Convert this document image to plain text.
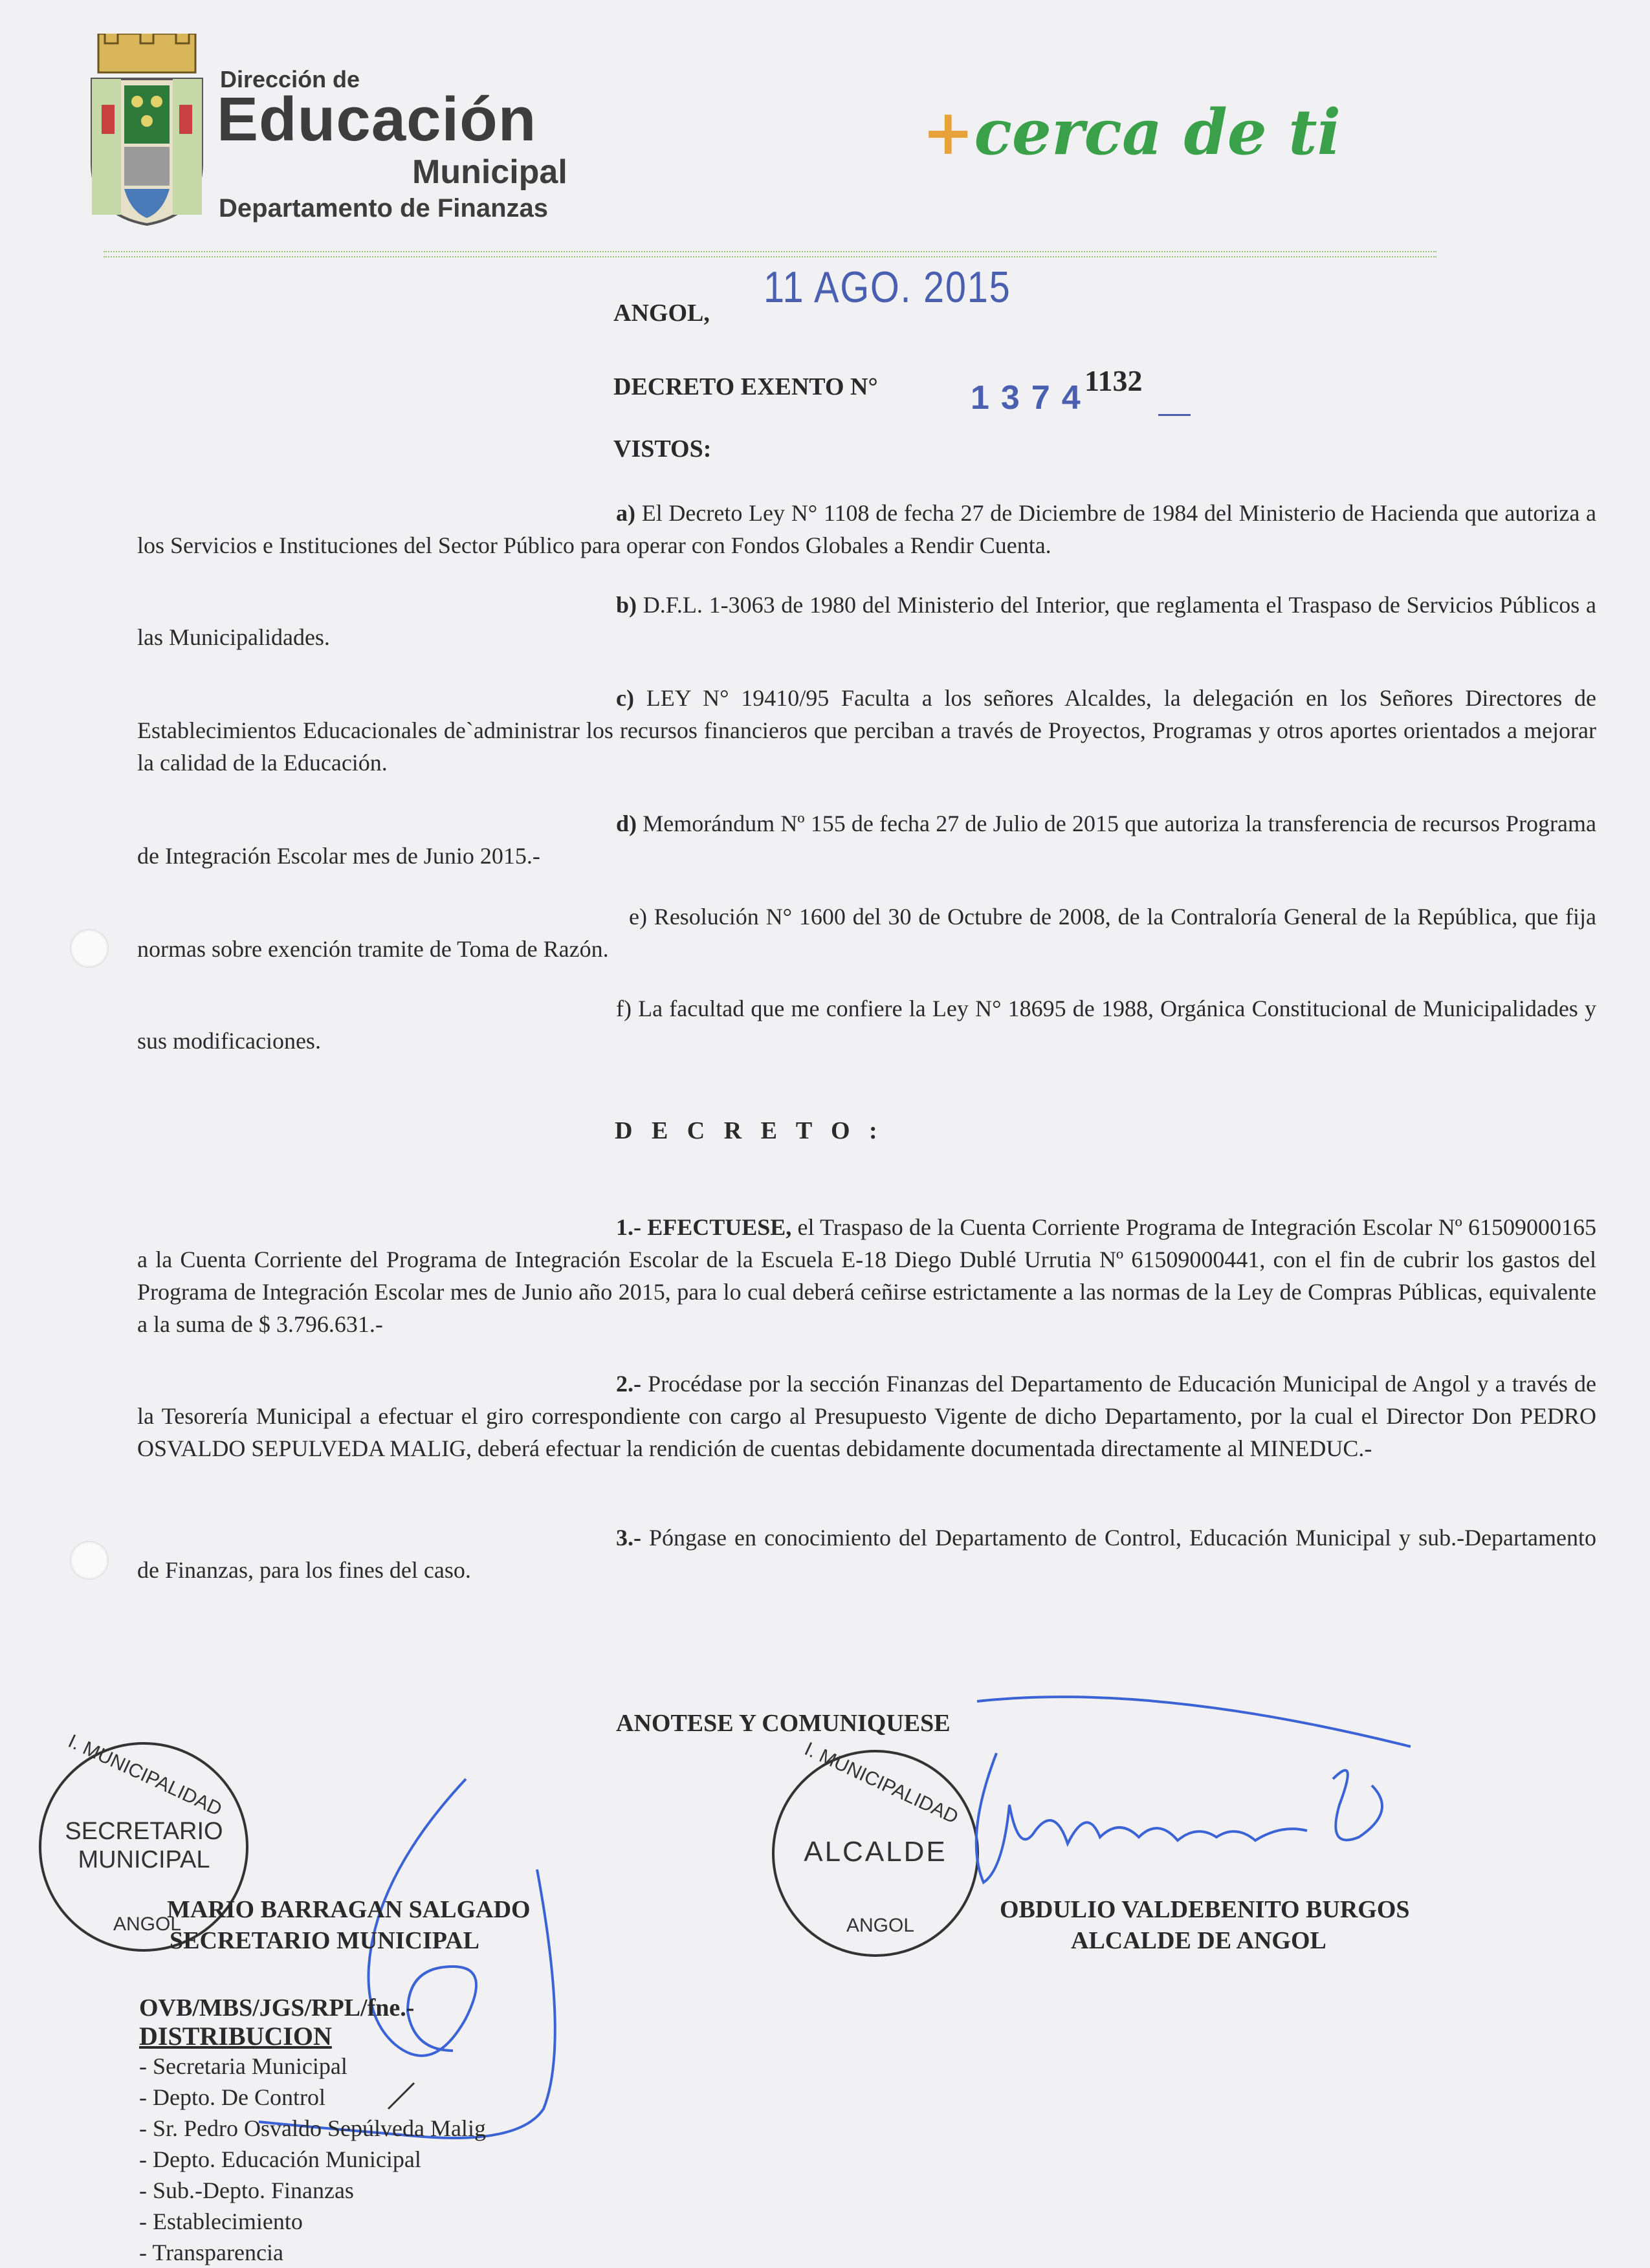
Dirección de
Educación
Municipal
Departamento de Finanzas
+cerca de ti
ANGOL,
11 AGO. 2015
DECRETO EXENTO N°	1374
1132
VISTOS:
a) El Decreto Ley N° 1108 de fecha 27 de Diciembre de 1984 del Ministerio de Hacienda que autoriza a los Servicios e Instituciones del Sector Público para operar con Fondos Globales a Rendir Cuenta.
b) D.F.L. 1-3063 de 1980 del Ministerio del Interior, que reglamenta el Traspaso de Servicios Públicos a las Municipalidades.
c) LEY N° 19410/95 Faculta a los señores Alcaldes, la delegación en los Señores Directores de Establecimientos Educacionales de`administrar los recursos financieros que perciban a través de Proyectos, Programas y otros aportes orientados a mejorar la calidad de la Educación.
d) Memorándum Nº 155 de fecha 27 de Julio de 2015 que autoriza la transferencia de recursos Programa de Integración Escolar mes de Junio 2015.-
e) Resolución N° 1600 del 30 de Octubre de 2008, de la Contraloría General de la República, que fija normas sobre exención tramite de Toma de Razón.
f) La facultad que me confiere la Ley N° 18695 de 1988, Orgánica Constitucional de Municipalidades y sus modificaciones.
D E C R E T O :
1.- EFECTUESE, el Traspaso de la Cuenta Corriente Programa de Integración Escolar Nº 61509000165 a la Cuenta Corriente del Programa de Integración Escolar de la Escuela E-18 Diego Dublé Urrutia Nº 61509000441, con el fin de cubrir los gastos del Programa de Integración Escolar mes de Junio año 2015, para lo cual deberá ceñirse estrictamente a las normas de la Ley de Compras Públicas, equivalente a la suma de $ 3.796.631.-
2.- Procédase por la sección Finanzas del Departamento de Educación Municipal de Angol y a través de la Tesorería Municipal a efectuar el giro correspondiente con cargo al Presupuesto Vigente de dicho Departamento, por la cual el Director Don PEDRO OSVALDO SEPULVEDA MALIG, deberá efectuar la rendición de cuentas debidamente documentada directamente al MINEDUC.-
3.- Póngase en conocimiento del Departamento de Control, Educación Municipal y sub.-Departamento de Finanzas, para los fines del caso.
ANOTESE Y COMUNIQUESE
I. MUNICIPALIDAD
SECRETARIO
MUNICIPAL
ANGOL
I. MUNICIPALIDAD
ALCALDE
ANGOL
MARIO BARRAGAN SALGADO
SECRETARIO MUNICIPAL
OBDULIO VALDEBENITO BURGOS
ALCALDE DE ANGOL
OVB/MBS/JGS/RPL/fne.-
DISTRIBUCION
- Secretaria Municipal
- Depto. De Control
- Sr. Pedro Osvaldo Sepúlveda Malig
- Depto. Educación Municipal
- Sub.-Depto. Finanzas
- Establecimiento
- Transparencia
